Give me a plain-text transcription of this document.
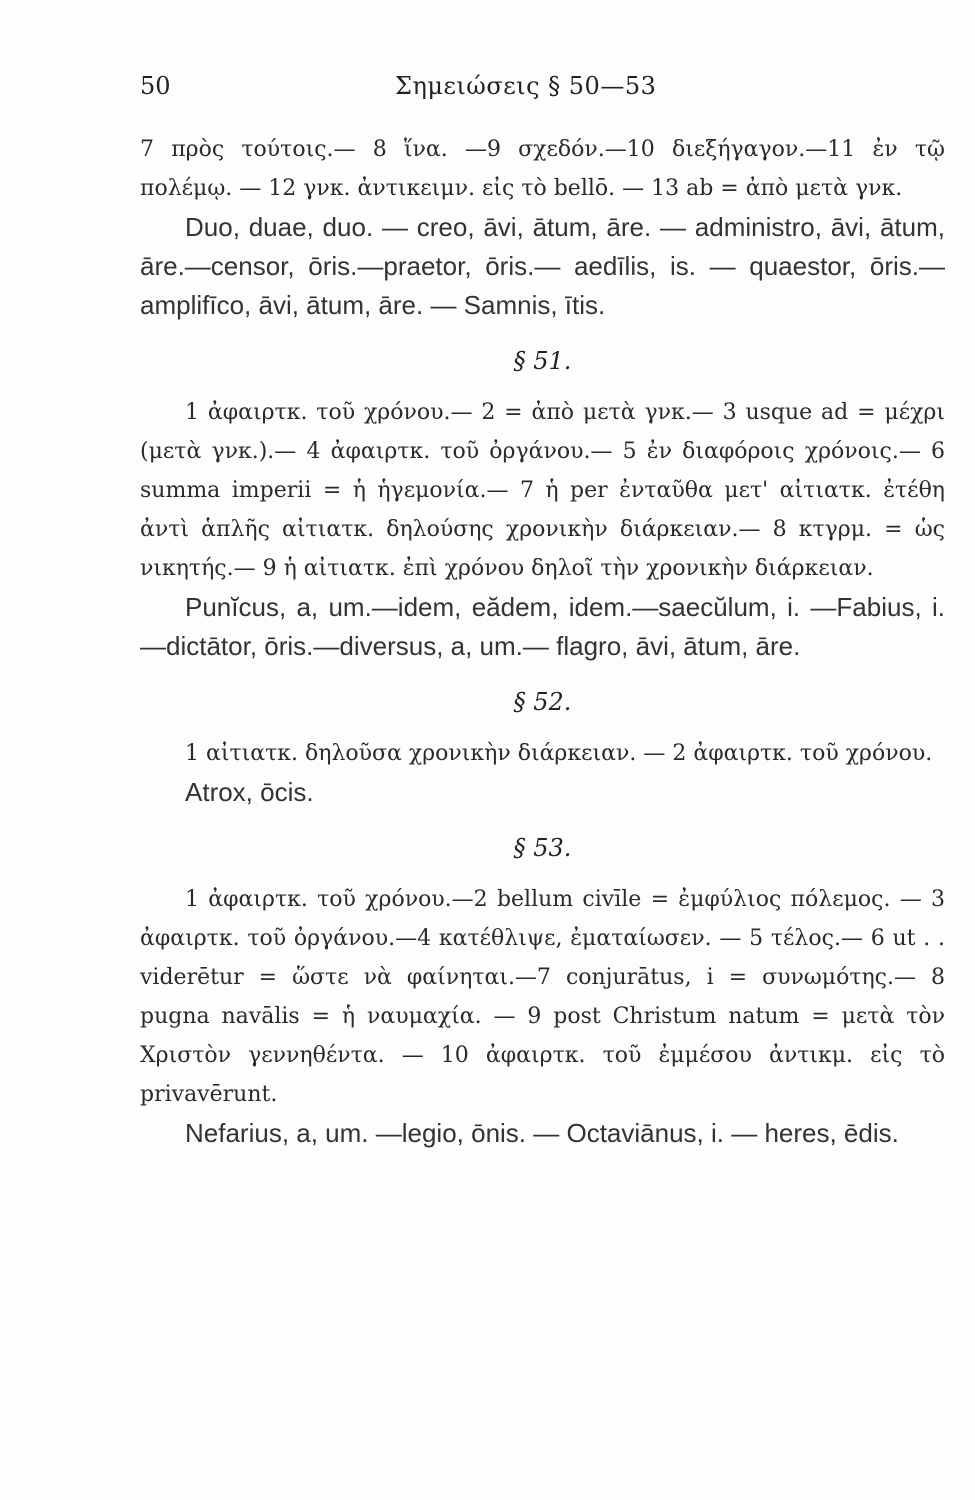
50	Σημειώσεις § 50—53

7 πρὸς τούτοις.— 8 ἵνα. —9 σχεδόν.—10 διεξήγαγον.—11 ἐν τῷ πολέμῳ. — 12 γνκ. ἀντικειμν. εἰς τὸ bellō. — 13 ab = ἀπὸ μετὰ γνκ.

Duo, duae, duo. — creo, āvi, ātum, āre. — administro, āvi, ātum, āre.—censor, ōris.—praetor, ōris.— aedīlis, is. — quaestor, ōris.— amplifīco, āvi, ātum, āre. — Samnis, ītis.

§ 51.

1 ἀφαιρτκ. τοῦ χρόνου.— 2 = ἀπὸ μετὰ γνκ.— 3 usque ad = μέχρι (μετὰ γνκ.).— 4 ἀφαιρτκ. τοῦ ὀργάνου.— 5 ἐν διαφόροις χρόνοις.— 6 summa imperii = ἡ ἡγεμονία.— 7 ἡ per ἐνταῦθα μετ' αἰτιατκ. ἐτέθη ἀντὶ ἁπλῆς αἰτιατκ. δηλούσης χρονικὴν διάρκειαν.— 8 κτγρμ. = ὡς νικητής.— 9 ἡ αἰτιατκ. ἐπὶ χρόνου δηλοῖ τὴν χρονικὴν διάρκειαν.

Punĭcus, a, um.—idem, eădem, idem.—saecŭlum, i. —Fabius, i.—dictātor, ōris.—diversus, a, um.— flagro, āvi, ātum, āre.

§ 52.

1 αἰτιατκ. δηλοῦσα χρονικὴν διάρκειαν. — 2 ἀφαιρτκ. τοῦ χρόνου.

Atrox, ōcis.

§ 53.

1 ἀφαιρτκ. τοῦ χρόνου.—2 bellum civīle = ἐμφύλιος πόλεμος. — 3 ἀφαιρτκ. τοῦ ὀργάνου.—4 κατέθλιψε, ἐματαίωσεν. — 5 τέλος.— 6 ut . . viderētur = ὥστε νὰ φαίνηται.—7 conjurātus, i = συνωμότης.— 8 pugna navālis = ἡ ναυμαχία. — 9 post Christum natum = μετὰ τὸν Χριστὸν γεννηθέντα. — 10 ἀφαιρτκ. τοῦ ἐμμέσου ἀντικμ. εἰς τὸ privavērunt.

Nefarius, a, um. —legio, ōnis. — Octaviānus, i. — heres, ēdis.
